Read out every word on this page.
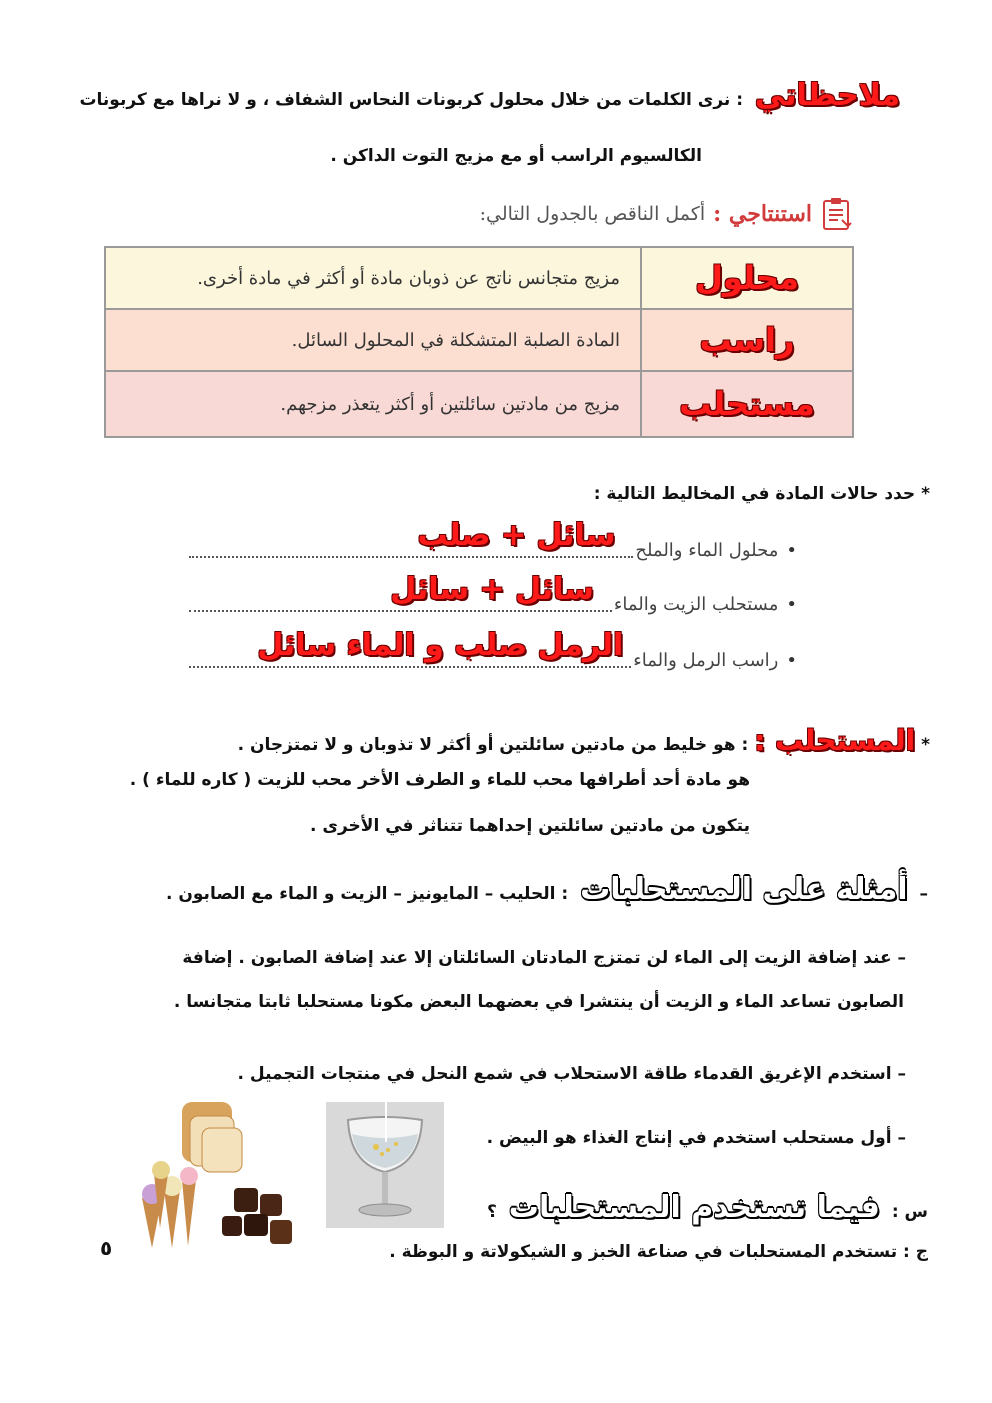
ملاحظاتي : نرى الكلمات من خلال محلول كربونات النحاس الشفاف ، و لا نراها مع كربونات
الكالسيوم الراسب أو مع مزيج التوت الداكن .
استنتاجي :
أكمل الناقص بالجدول التالي:
محلول
مزيج متجانس ناتج عن ذوبان مادة أو أكثر في مادة أخرى.
راسب
المادة الصلبة المتشكلة في المحلول السائل.
مستحلب
مزيج من مادتين سائلتين أو أكثر يتعذر مزجهم.
* حدد حالات المادة في المخاليط التالية :
•
محلول الماء والملح
سائل + صلب
•
مستحلب الزيت والماء
سائل + سائل
•
راسب الرمل والماء
الرمل صلب و الماء سائل
* المستحلب : : هو خليط من مادتين سائلتين أو أكثر لا تذوبان و لا تمتزجان .
هو مادة أحد أطرافها محب للماء و الطرف الأخر محب للزيت ( كاره للماء ) .
يتكون من مادتين سائلتين إحداهما تتناثر في الأخرى .
– أمثلة على المستحلبات : الحليب – المايونيز – الزيت و الماء مع الصابون .
– عند إضافة الزيت إلى الماء لن تمتزج المادتان السائلتان إلا عند إضافة الصابون . إضافة
الصابون تساعد الماء و الزيت أن ينتشرا في بعضهما البعض مكونا مستحلبا ثابتا متجانسا .
– استخدم الإغريق القدماء طاقة الاستحلاب في شمع النحل في منتجات التجميل .
– أول مستحلب استخدم في إنتاج الغذاء هو البيض .
س : فيما تستخدم المستحلبات ؟
ج : تستخدم المستحلبات في صناعة الخبز و الشيكولاتة و البوظة .
٥
